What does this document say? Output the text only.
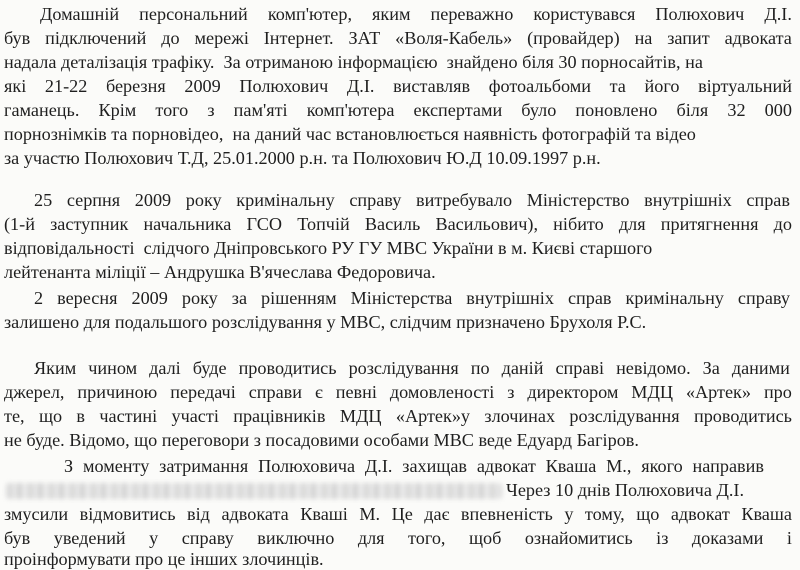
Домашній персональний комп'ютер, яким переважно користувався Полюхович Д.І.
був підключений до мережі Інтернет. ЗАТ «Воля-Кабель» (провайдер) на запит адвоката
надала деталізація трафіку.  За отриманою інформацією  знайдено біля 30 порносайтів, на
які 21-22 березня 2009 Полюхович Д.І. виставляв фотоальбоми та його віртуальний
гаманець. Крім того з пам'яті комп'ютера експертами було поновлено біля 32 000
порнознімків та порновідео,  на даний час встановлюється наявність фотографій та відео
за участю Полюхович Т.Д, 25.01.2000 р.н. та Полюхович Ю.Д 10.09.1997 р.н.
25 серпня 2009 року кримінальну справу витребувало Міністерство внутрішніх справ
(1-й заступник начальника ГСО Топчій Василь Васильович), нібито для притягнення до
відповідальності  слідчого Дніпровського РУ ГУ МВС України в м. Києві старшого
лейтенанта міліції – Андрушка В'ячеслава Федоровича.
2 вересня 2009 року за рішенням Міністерства внутрішніх справ кримінальну справу
залишено для подальшого розслідування у МВС, слідчим призначено Брухоля Р.С.
Яким чином далі буде проводитись розслідування по даній справі невідомо. За даними
джерел, причиною передачі справи є певні домовленості з директором МДЦ «Артек» про
те, що в частині участі працівників МДЦ «Артек»у злочинах розслідування проводитись
не буде. Відомо, що переговори з посадовими особами МВС веде Едуард Багіров.
З моменту затримання Полюховича Д.І. захищав адвокат Кваша М., якого направив
Через 10 днів Полюховича Д.І.
змусили відмовитись від адвоката Кваші М. Це дає впевненість у тому, що адвокат Кваша
був уведений у справу виключно для того, щоб ознайомитись із доказами і
проінформувати про це інших злочинців.
